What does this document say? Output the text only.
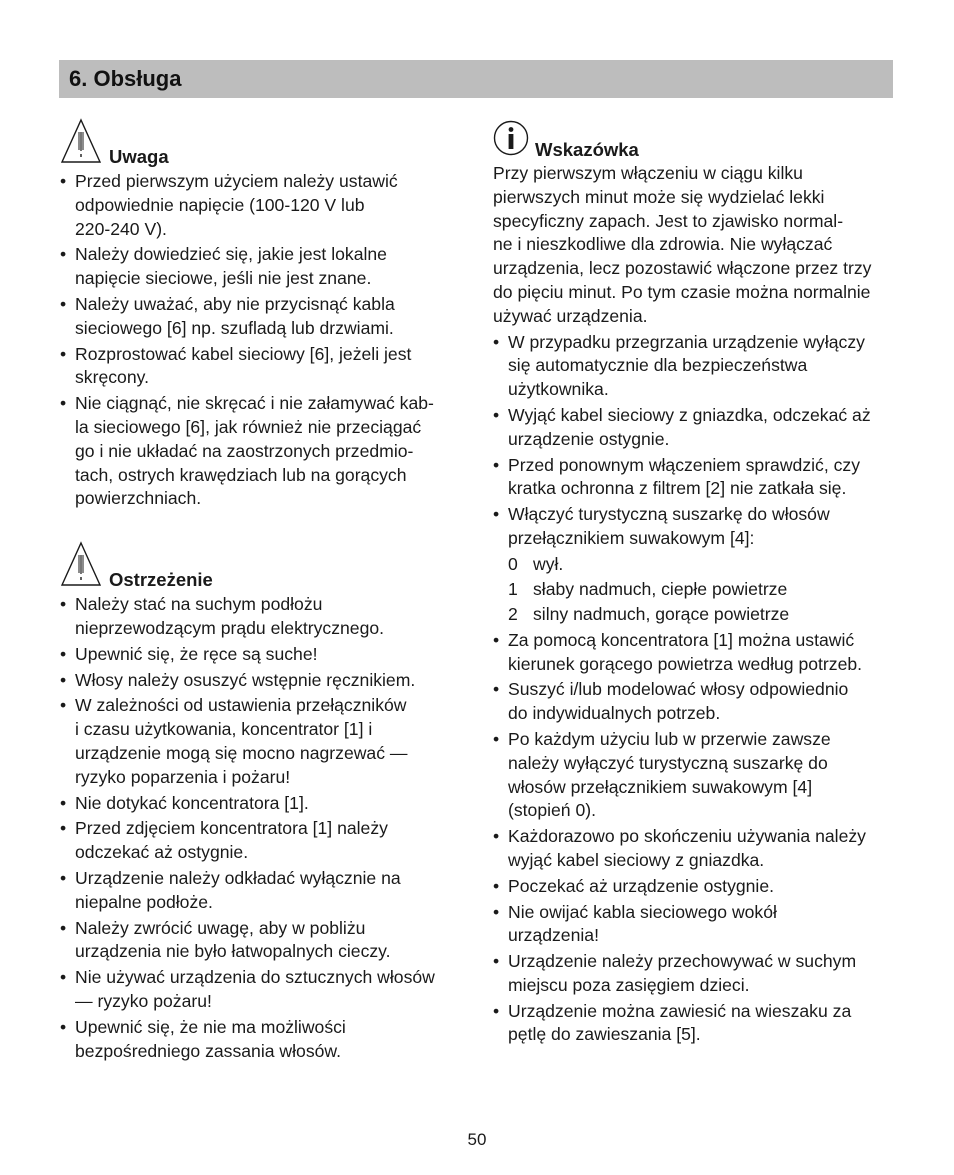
6. Obsługa
Uwaga
• Przed pierwszym użyciem należy ustawić
odpowiednie napięcie (100-120 V lub
220-240 V).
• Należy dowiedzieć się, jakie jest lokalne
napięcie sieciowe, jeśli nie jest znane.
• Należy uważać, aby nie przycisnąć kabla
sieciowego [6] np. szufladą lub drzwiami.
• Rozprostować kabel sieciowy [6], jeżeli jest
skręcony.
• Nie ciągnąć, nie skręcać i nie załamywać kab-
la sieciowego [6], jak również nie przeciągać
go i nie układać na zaostrzonych przedmio-
tach, ostrych krawędziach lub na gorących
powierzchniach.
Ostrzeżenie
• Należy stać na suchym podłożu
nieprzewodzącym prądu elektrycznego.
• Upewnić się, że ręce są suche!
• Włosy należy osuszyć wstępnie ręcznikiem.
• W zależności od ustawienia przełączników
i czasu użytkowania, koncentrator [1] i
urządzenie mogą się mocno nagrzewać —
ryzyko poparzenia i pożaru!
• Nie dotykać koncentratora [1].
• Przed zdjęciem koncentratora [1] należy
odczekać aż ostygnie.
• Urządzenie należy odkładać wyłącznie na
niepalne podłoże.
• Należy zwrócić uwagę, aby w pobliżu
urządzenia nie było łatwopalnych cieczy.
• Nie używać urządzenia do sztucznych włosów
— ryzyko pożaru!
• Upewnić się, że nie ma możliwości
bezpośredniego zassania włosów.
Wskazówka

Przy pierwszym włączeniu w ciągu kilku
pierwszych minut może się wydzielać lekki
specyficzny zapach. Jest to zjawisko normal-
ne i nieszkodliwe dla zdrowia. Nie wyłączać
urządzenia, lecz pozostawić włączone przez trzy
do pięciu minut. Po tym czasie można normalnie
używać urządzenia.

• W przypadku przegrzania urządzenie wyłączy
się automatycznie dla bezpieczeństwa
użytkownika.
• Wyjąć kabel sieciowy z gniazdka, odczekać aż
urządzenie ostygnie.
• Przed ponownym włączeniem sprawdzić, czy
kratka ochronna z filtrem [2] nie zatkała się.
• Włączyć turystyczną suszarkę do włosów
przełącznikiem suwakowym [4]:
0 wył.
1 słaby nadmuch, ciepłe powietrze
2 silny nadmuch, gorące powietrze
• Za pomocą koncentratora [1] można ustawić
kierunek gorącego powietrza według potrzeb.
• Suszyć i/lub modelować włosy odpowiednio
do indywidualnych potrzeb.
• Po każdym użyciu lub w przerwie zawsze
należy wyłączyć turystyczną suszarkę do
włosów przełącznikiem suwakowym [4]
(stopień 0).
• Każdorazowo po skończeniu używania należy
wyjąć kabel sieciowy z gniazdka.
• Poczekać aż urządzenie ostygnie.
• Nie owijać kabla sieciowego wokół
urządzenia!
• Urządzenie należy przechowywać w suchym
miejscu poza zasięgiem dzieci.
• Urządzenie można zawiesić na wieszaku za
pętlę do zawieszania [5].
50
